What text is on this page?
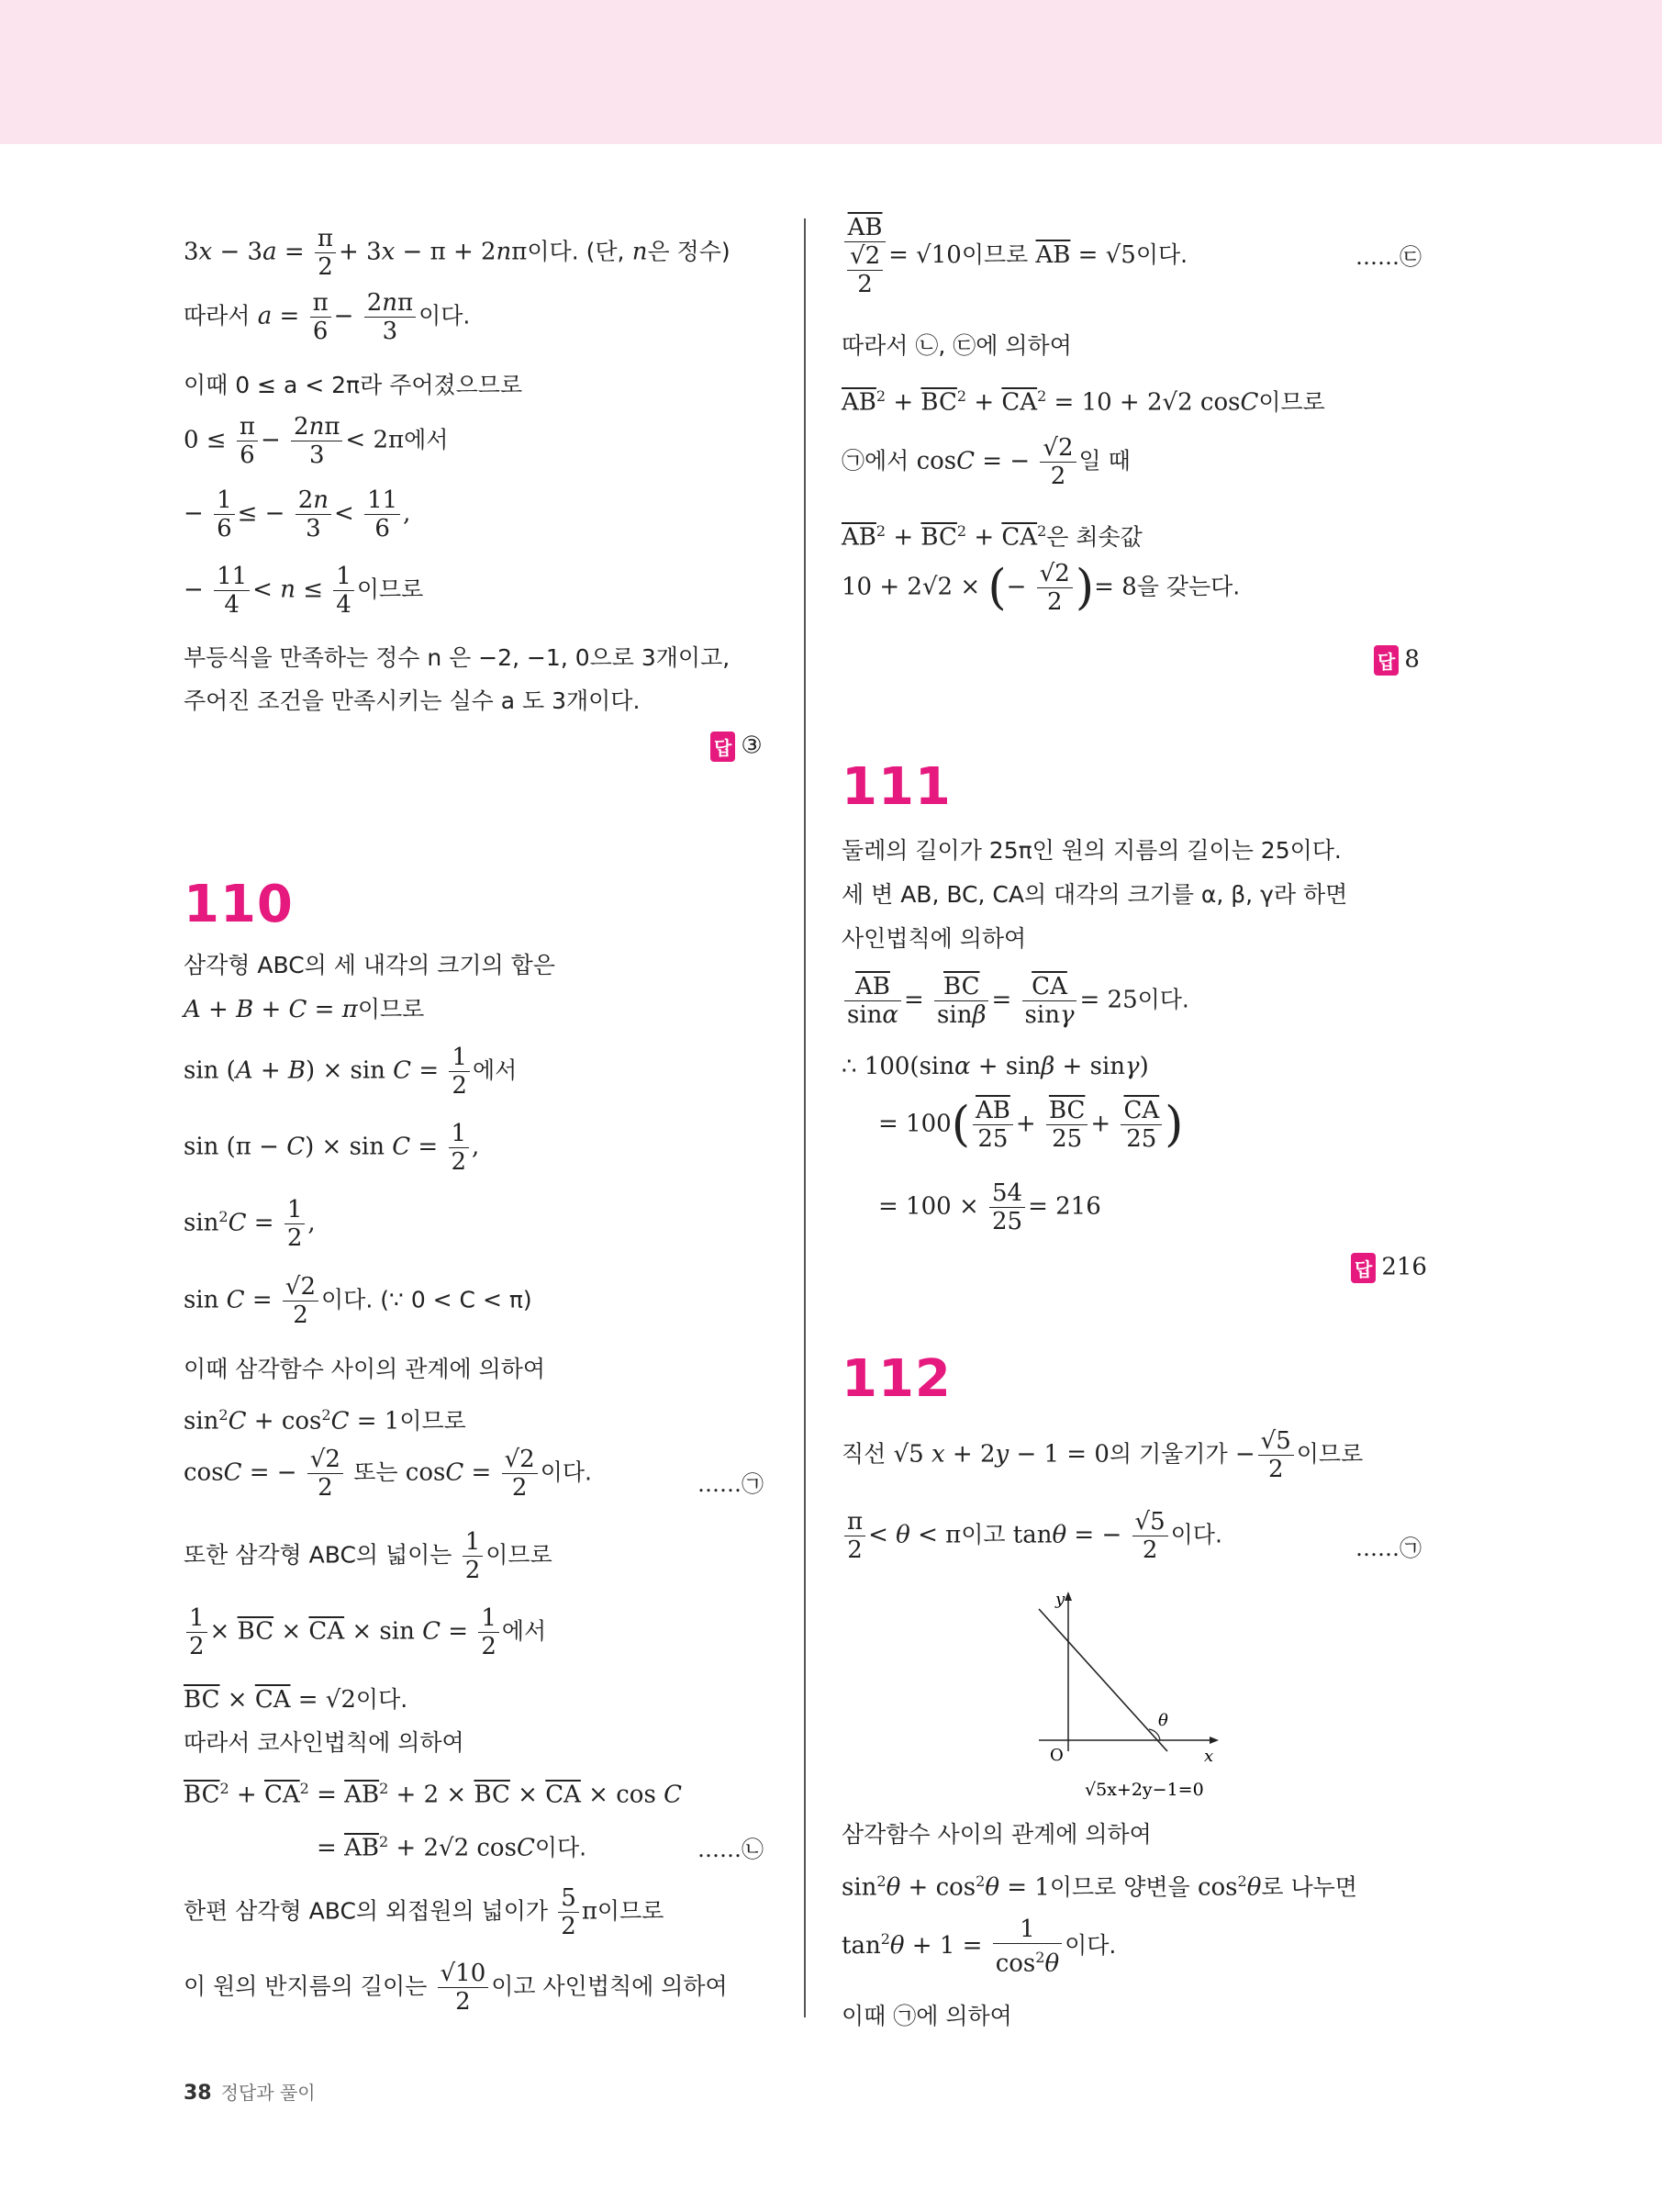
$3x - 3a = \frac{\pi}{2} + 3x - \pi + 2n\pi$이다. (단, n은 정수)
따라서 $a = \frac{\pi}{6} - \frac{2n\pi}{3}$ 이다.
이때 0 ≤ a < 2π라 주어졌으므로
$0 \le \frac{\pi}{6} - \frac{2n\pi}{3} < 2\pi$에서
− $\frac{1}{6}$ ≤ − $\frac{2n}{3} < \frac{11}{6}$ ,
− $\frac{11}{4} < n \le \frac{1}{4}$ 이므로
부등식을 만족하는 정수 n 은 −2, −1, 0으로 3개이고,
주어진 조건을 만족시키는 실수 a 도 3개이다.
답 ③
110
삼각형 ABC의 세 내각의 크기의 합은
A + B + C = π이므로
$\sin (A + B) \times \sin C = \frac{1}{2}$ 에서
$\sin (\pi - C) \times \sin C = \frac{1}{2}$ ,
$\sin^2C = \frac{1}{2}$ ,
$\sin C = \frac{√2}{2}$ 이다. (∵ 0 < C < π)
이때 삼각함수 사이의 관계에 의하여
$\sin^2C + \cos^2C = 1$이므로
cosC = − $\frac{√2}{2}$ 또는 $\cos C = \frac{√2}{2}$ 이다.	……㉠
또한 삼각형 ABC의 넓이는 $\frac{1}{2}$ 이므로
$\frac{1}{2} \times \overline{BC} \times \overline{CA} \times \sin C = \frac{1}{2}$ 에서
$\overline{BC} \times \overline{CA} = √2$이다.
따라서 코사인법칙에 의하여
$\overline{BC}^2 + \overline{CA}^2 = \overline{AB}^2 + 2 \times \overline{BC} \times \overline{CA} \times \cos C$
= $\overline{AB}^2 + 2√2$ cosC이다.	……㉡
한편 삼각형 ABC의 외접원의 넓이가 $\frac{5}{2}$ π이므로
이 원의 반지름의 길이는 $\frac{√10}{2}$ 이고 사인법칙에 의하여
$\frac{\overline{AB}}{\frac{√2}{2}} = √10$이므로 $\overline{AB} = √5$이다.	……㉢
따라서 ㉡, ㉢에 의하여
$\overline{AB}^2 + \overline{BC}^2 + \overline{CA}^2 = 10 + 2√2$ cosC이므로
㉠에서 cosC = − $\frac{√2}{2}$ 일 때
$\overline{AB}^2 + \overline{BC}^2 + \overline{CA}^2$은 최솟값
10 + 2√2 × (− $\frac{√2}{2}$ )= 8을 갖는다.
답 8
111
둘레의 길이가 25π인 원의 지름의 길이는 25이다.
세 변 AB, BC, CA의 대각의 크기를 α, β, γ라 하면
사인법칙에 의하여
$\frac{\overline{AB}}{\sin\alpha} = \frac{\overline{BC}}{\sin\beta} = \frac{\overline{CA}}{\sin\gamma} = 25$이다.
∴ 100(sinα + sinβ + sinγ)
= $100( \frac{\overline{AB}}{25} + \frac{\overline{BC}}{25} + \frac{\overline{CA}}{25}$ )
= $100 \times \frac{54}{25} = 216$
답 216
112
직선 √5 x + 2y − 1 = 0의 기울기가 − $\frac{√5}{2}$ 이므로
$\frac{\pi}{2} < \theta < \pi$이고 tanθ = − $\frac{√5}{2}$ 이다.
……㉠
삼각함수 사이의 관계에 의하여
$\sin^2\theta + \cos^2\theta = 1$이므로 양변을 $\cos^2\theta$로 나누면
$\tan^2\theta + 1 = \frac{1}{\cos^2\theta}$ 이다.
이때 ㉠에 의하여
y
x
O
θ
√5x+2y−1=0
38 정답과 풀이
